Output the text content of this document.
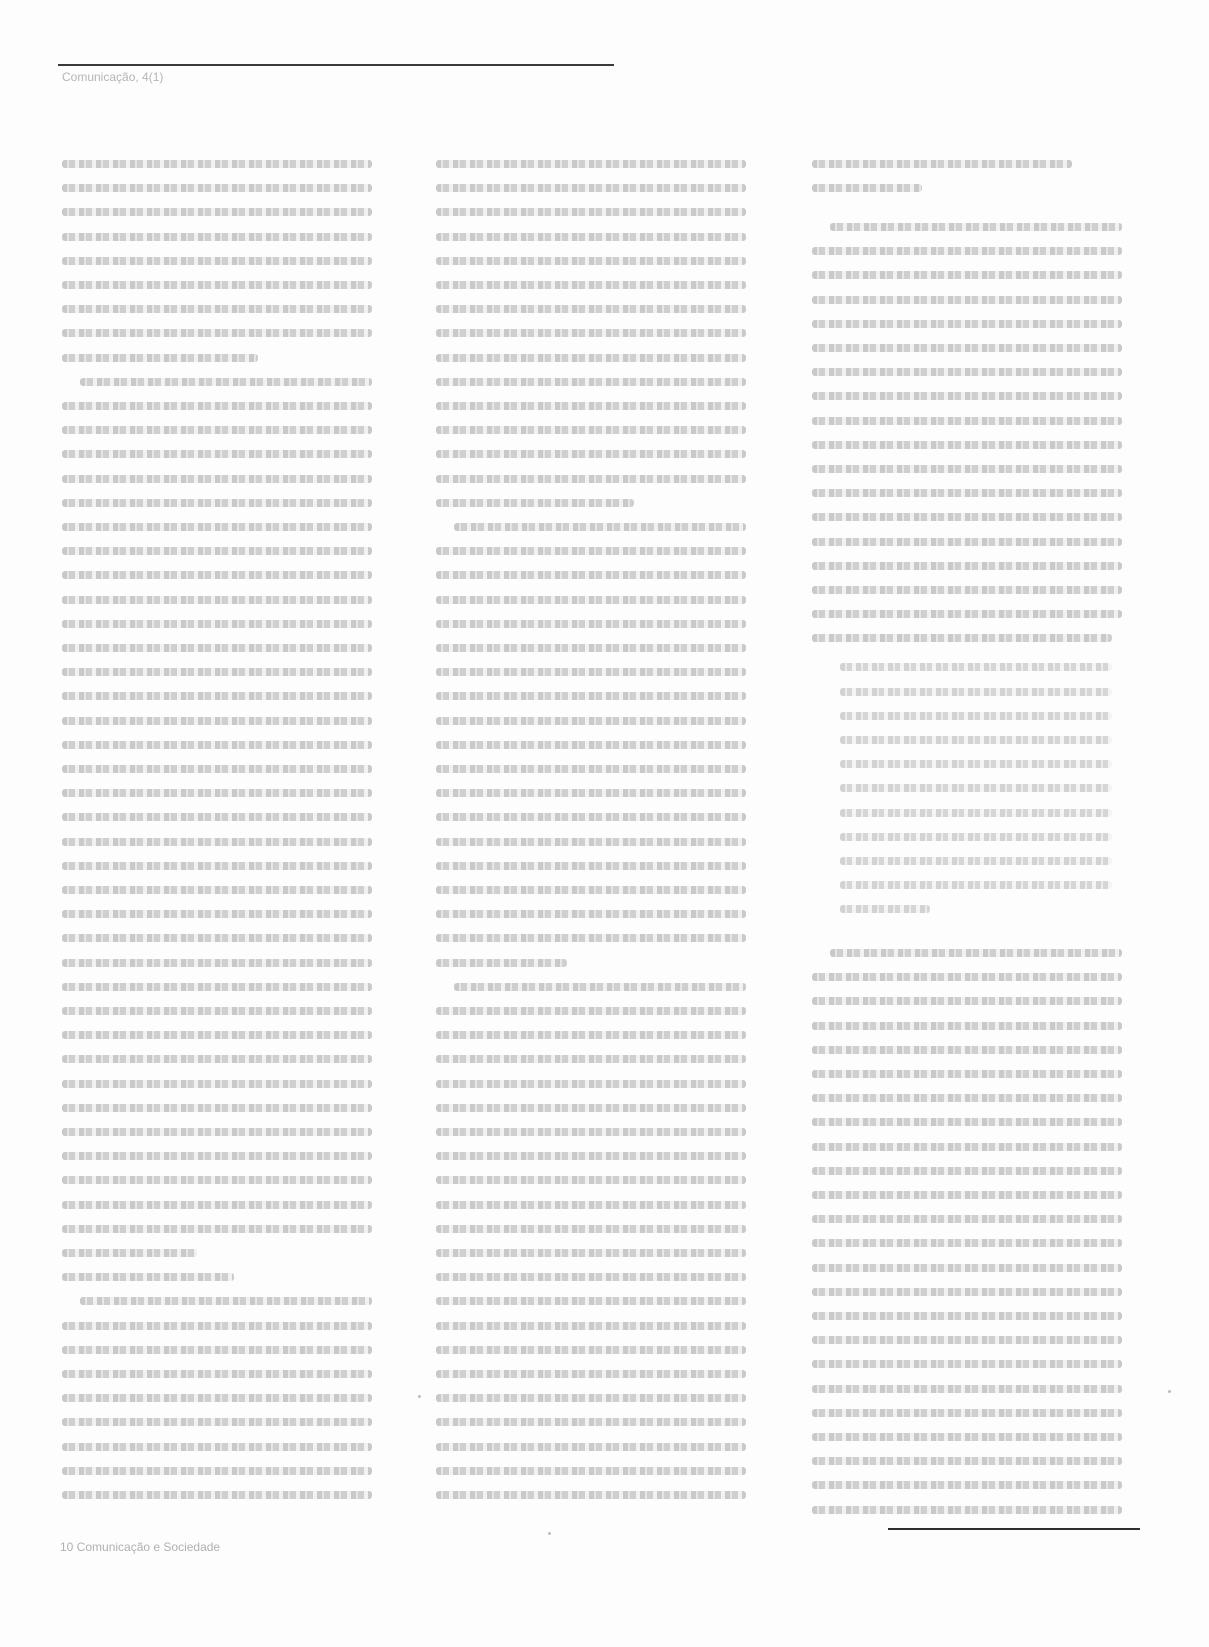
Comunicação, 4(1)
10 Comunicação e Sociedade
